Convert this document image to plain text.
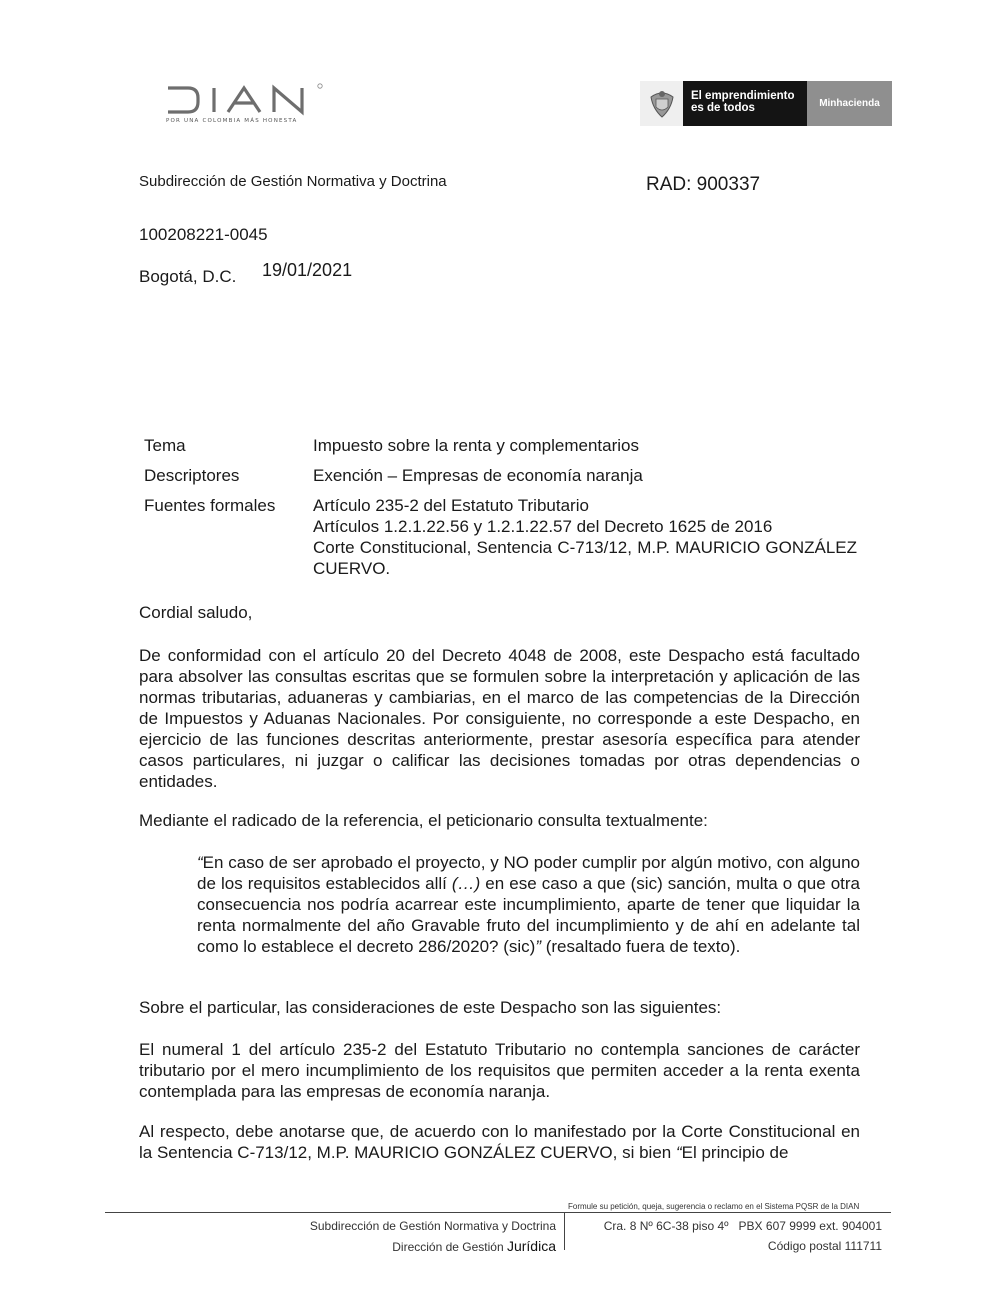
POR UNA COLOMBIA MÁS HONESTA
El emprendimiento
es de todos	Minhacienda
Subdirección de Gestión Normativa y Doctrina	RAD: 900337
100208221-0045
Bogotá, D.C. 19/01/2021
Tema	Impuesto sobre la renta y complementarios
Descriptores	Exención – Empresas de economía naranja
Fuentes formales	Artículo 235-2 del Estatuto Tributario
Artículos 1.2.1.22.56 y 1.2.1.22.57 del Decreto 1625 de 2016
Corte Constitucional, Sentencia C-713/12, M.P. MAURICIO GONZÁLEZ CUERVO.
Cordial saludo,
De conformidad con el artículo 20 del Decreto 4048 de 2008, este Despacho está facultado para absolver las consultas escritas que se formulen sobre la interpretación y aplicación de las normas tributarias, aduaneras y cambiarias, en el marco de las competencias de la Dirección de Impuestos y Aduanas Nacionales. Por consiguiente, no corresponde a este Despacho, en ejercicio de las funciones descritas anteriormente, prestar asesoría específica para atender casos particulares, ni juzgar o calificar las decisiones tomadas por otras dependencias o entidades.
Mediante el radicado de la referencia, el peticionario consulta textualmente:
“En caso de ser aprobado el proyecto, y NO poder cumplir por algún motivo, con alguno de los requisitos establecidos allí (…) en ese caso a que (sic) sanción, multa o que otra consecuencia nos podría acarrear este incumplimiento, aparte de tener que liquidar la renta normalmente del año Gravable fruto del incumplimiento y de ahí en adelante tal como lo establece el decreto 286/2020? (sic)” (resaltado fuera de texto).
Sobre el particular, las consideraciones de este Despacho son las siguientes:
El numeral 1 del artículo 235-2 del Estatuto Tributario no contempla sanciones de carácter tributario por el mero incumplimiento de los requisitos que permiten acceder a la renta exenta contemplada para las empresas de economía naranja.
Al respecto, debe anotarse que, de acuerdo con lo manifestado por la Corte Constitucional en la Sentencia C-713/12, M.P. MAURICIO GONZÁLEZ CUERVO, si bien “El principio de
Formule su petición, queja, sugerencia o reclamo en el Sistema PQSR de la DIAN
Subdirección de Gestión Normativa y Doctrina
Dirección de Gestión Jurídica
Cra. 8 Nº 6C-38 piso 4º PBX 607 9999 ext. 904001
Código postal 111711
